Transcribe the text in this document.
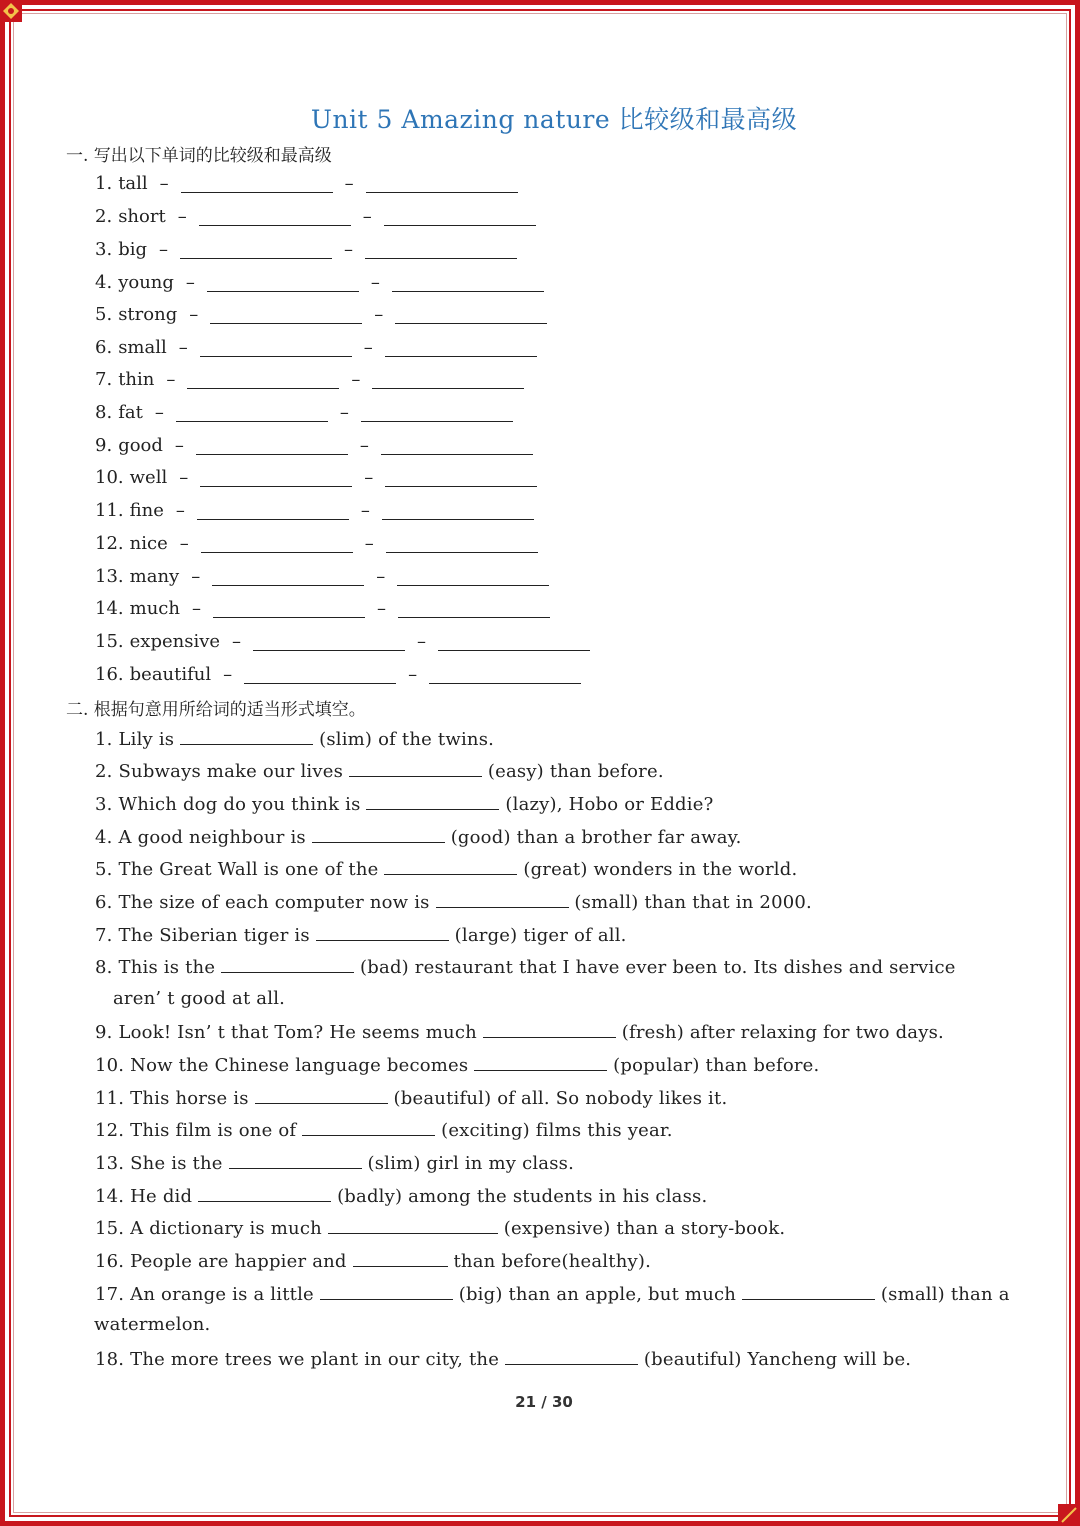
Unit 5 Amazing nature 比较级和最高级
一. 写出以下单词的比较级和最高级
1. tall –	–
2. short –	–
3. big –	–
4. young –	–
5. strong –	–
6. small –	–
7. thin –	–
8. fat –	–
9. good –	–
10. well –	–
11. fine –	–
12. nice –	–
13. many –	–
14. much –	–
15. expensive –	–
16. beautiful –	–
二. 根据句意用所给词的适当形式填空。
1. Lily is	(slim) of the twins.
2. Subways make our lives	(easy) than before.
3. Which dog do you think is	(lazy), Hobo or Eddie?
4. A good neighbour is	(good) than a brother far away.
5. The Great Wall is one of the	(great) wonders in the world.
6. The size of each computer now is	(small) than that in 2000.
7. The Siberian tiger is	(large) tiger of all.
8. This is the	(bad) restaurant that I have ever been to. Its dishes and service
aren’ t good at all.
9. Look! Isn’ t that Tom? He seems much	(fresh) after relaxing for two days.
10. Now the Chinese language becomes	(popular) than before.
11. This horse is	(beautiful) of all. So nobody likes it.
12. This film is one of	(exciting) films this year.
13. She is the	(slim) girl in my class.
14. He did	(badly) among the students in his class.
15. A dictionary is much	(expensive) than a story-book.
16. People are happier and	than before(healthy).
17. An orange is a little	(big) than an apple, but much	(small) than a
watermelon.
18. The more trees we plant in our city, the	(beautiful) Yancheng will be.
21 / 30
